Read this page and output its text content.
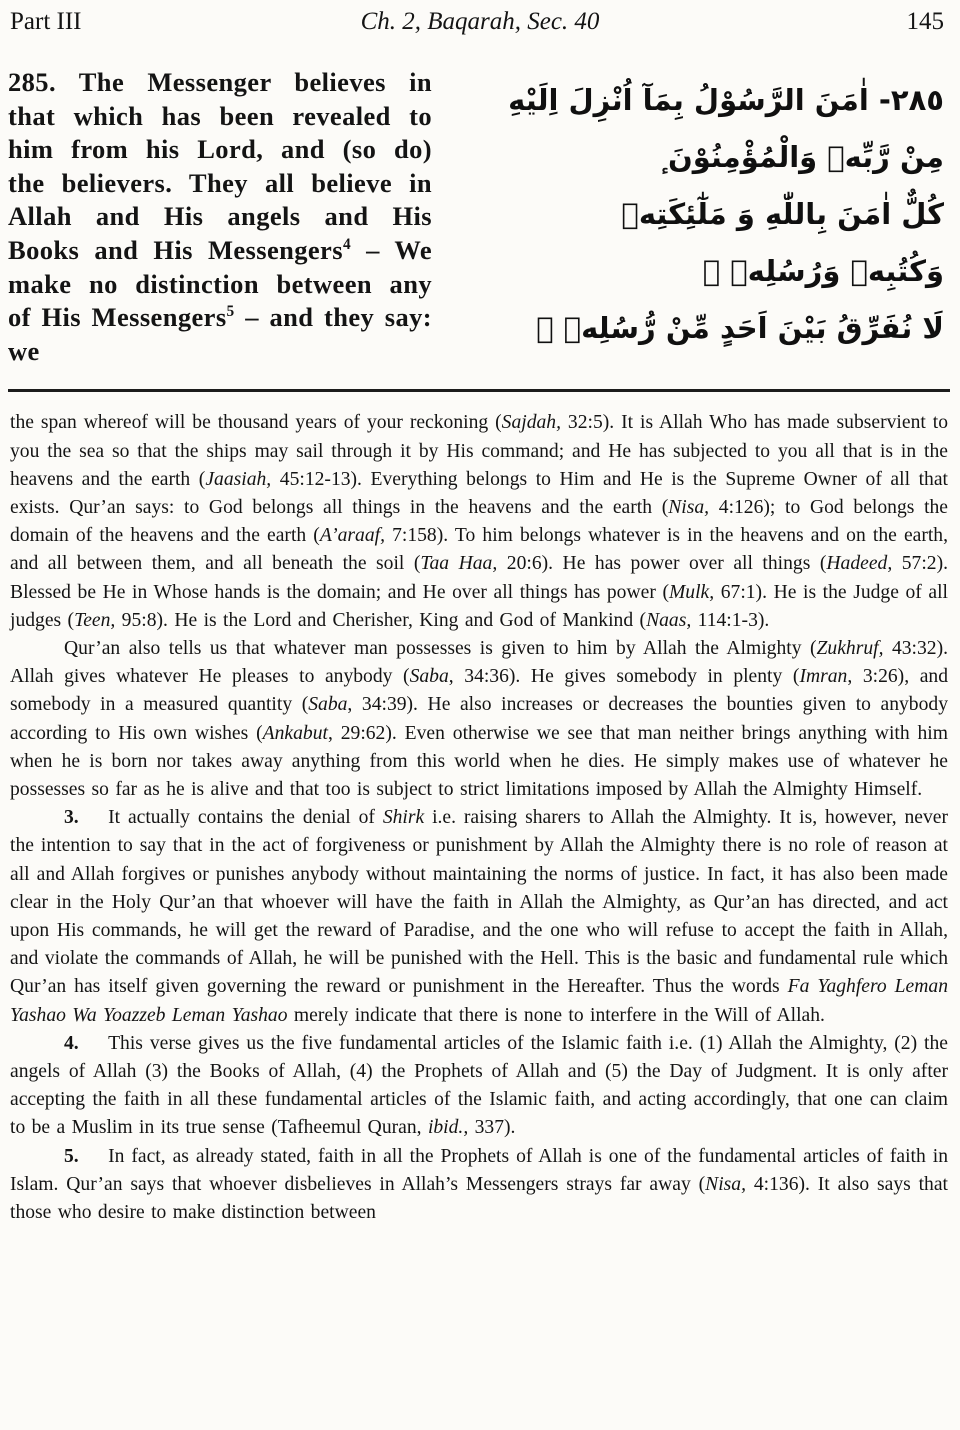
Part III	Ch. 2, Baqarah, Sec. 40	145
285. The Messenger believes in that which has been revealed to him from his Lord, and (so do) the believers. They all believe in Allah and His angels and His Books and His Messengers$^4$ – We make no distinction between any of His Messengers$^5$ – and they say: we
٢٨٥- اٰمَنَ الرَّسُوْلُ بِمَآ اُنْزِلَ اِلَيْهِ
مِنْ رَّبِّهٖ وَالْمُؤْمِنُوْنَ ٕ
كُلٌّ اٰمَنَ بِاللّٰهِ وَ مَلٰٓئِكَتِهٖ
وَكُتُبِهٖ وَرُسُلِهٖ ۫
لَا نُفَرِّقُ بَيْنَ اَحَدٍ مِّنْ رُّسُلِهٖ ۫

the span whereof will be thousand years of your reckoning (Sajdah, 32:5). It is Allah Who has made subservient to you the sea so that the ships may sail through it by His command; and He has subjected to you all that is in the heavens and the earth (Jaasiah, 45:12-13). Everything belongs to Him and He is the Supreme Owner of all that exists. Qur’an says: to God belongs all things in the heavens and the earth (Nisa, 4:126); to God belongs the domain of the heavens and the earth (A’araaf, 7:158). To him belongs whatever is in the heavens and on the earth, and all between them, and all beneath the soil (Taa Haa, 20:6). He has power over all things (Hadeed, 57:2). Blessed be He in Whose hands is the domain; and He over all things has power (Mulk, 67:1). He is the Judge of all judges (Teen, 95:8). He is the Lord and Cherisher, King and God of Mankind (Naas, 114:1-3).

Qur’an also tells us that whatever man possesses is given to him by Allah the Almighty (Zukhruf, 43:32). Allah gives whatever He pleases to anybody (Saba, 34:36). He gives somebody in plenty (Imran, 3:26), and somebody in a measured quantity (Saba, 34:39). He also increases or decreases the bounties given to anybody according to His own wishes (Ankabut, 29:62). Even otherwise we see that man neither brings anything with him when he is born nor takes away anything from this world when he dies. He simply makes use of whatever he possesses so far as he is alive and that too is subject to strict limitations imposed by Allah the Almighty Himself.

3.  It actually contains the denial of Shirk i.e. raising sharers to Allah the Almighty. It is, however, never the intention to say that in the act of forgiveness or punishment by Allah the Almighty there is no role of reason at all and Allah forgives or punishes anybody without maintaining the norms of justice. In fact, it has also been made clear in the Holy Qur’an that whoever will have the faith in Allah the Almighty, as Qur’an has directed, and act upon His commands, he will get the reward of Paradise, and the one who will refuse to accept the faith in Allah, and violate the commands of Allah, he will be punished with the Hell. This is the basic and fundamental rule which Qur’an has itself given governing the reward or punishment in the Hereafter. Thus the words Fa Yaghfero Leman Yashao Wa Yoazzeb Leman Yashao merely indicate that there is none to interfere in the Will of Allah.

4.  This verse gives us the five fundamental articles of the Islamic faith i.e. (1) Allah the Almighty, (2) the angels of Allah (3) the Books of Allah, (4) the Prophets of Allah and (5) the Day of Judgment. It is only after accepting the faith in all these fundamental articles of the Islamic faith, and acting accordingly, that one can claim to be a Muslim in its true sense (Tafheemul Quran, ibid., 337).

5.  In fact, as already stated, faith in all the Prophets of Allah is one of the fundamental articles of faith in Islam. Qur’an says that whoever disbelieves in Allah’s Messengers strays far away (Nisa, 4:136). It also says that those who desire to make distinction between
